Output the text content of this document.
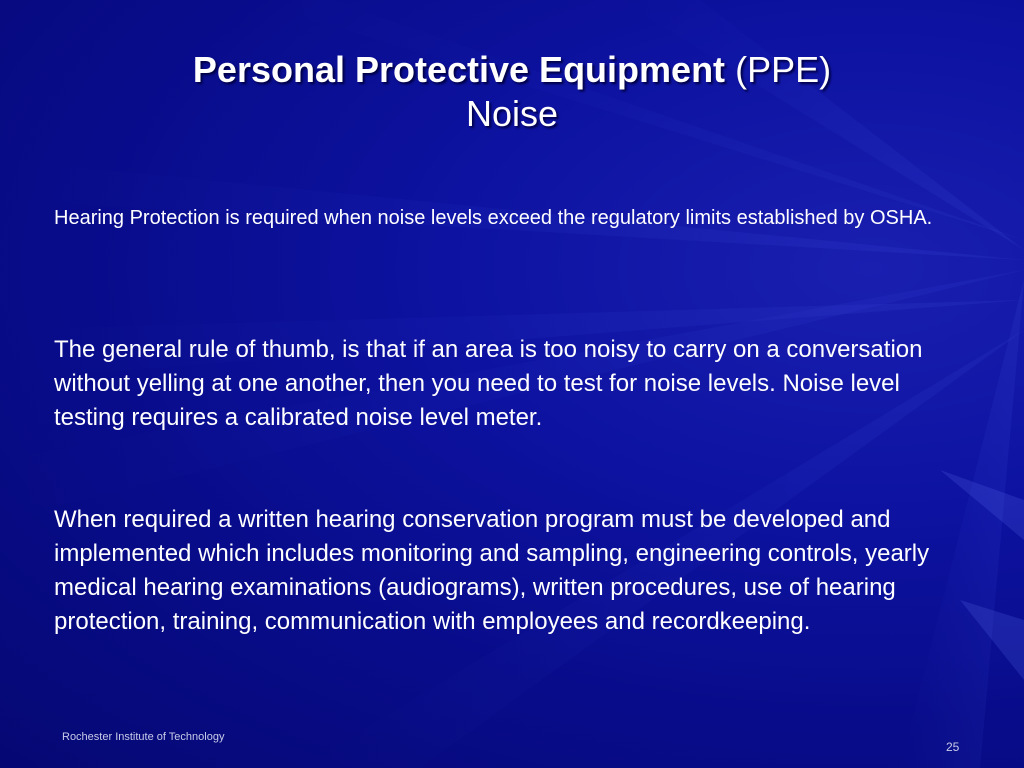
Personal Protective Equipment (PPE)
Noise
Hearing Protection is required when noise levels exceed the regulatory limits established by OSHA.
The general rule of thumb, is that if an area is too noisy to carry on a conversation without yelling at one another, then you need to test for noise levels. Noise level testing requires a calibrated noise level meter.
When required a written hearing conservation program must be developed and implemented which includes monitoring and sampling, engineering controls, yearly medical hearing examinations (audiograms), written procedures, use of hearing protection, training, communication with employees and recordkeeping.
Rochester Institute of Technology
25
